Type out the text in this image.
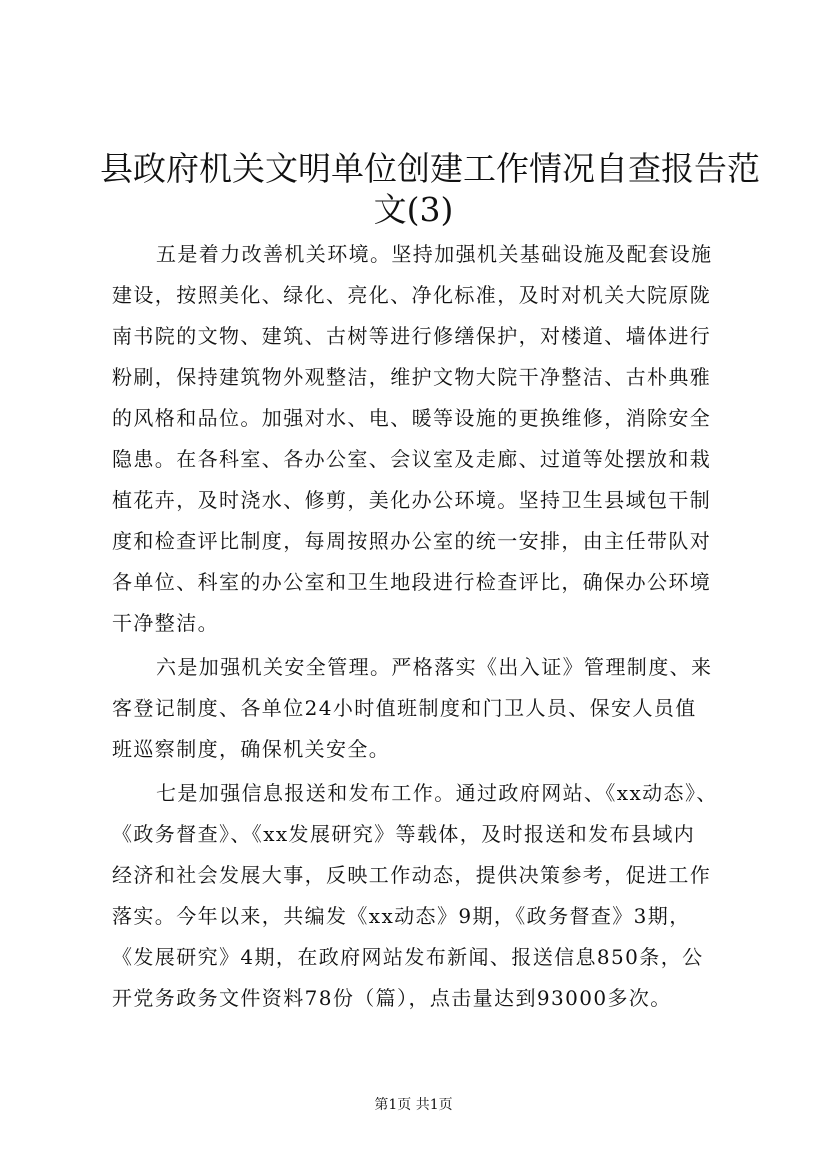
县政府机关文明单位创建工作情况自查报告范
文(3)
五是着力改善机关环境。坚持加强机关基础设施及配套设施
建设，按照美化、绿化、亮化、净化标准，及时对机关大院原陇
南书院的文物、建筑、古树等进行修缮保护，对楼道、墙体进行
粉刷，保持建筑物外观整洁，维护文物大院干净整洁、古朴典雅
的风格和品位。加强对水、电、暖等设施的更换维修，消除安全
隐患。在各科室、各办公室、会议室及走廊、过道等处摆放和栽
植花卉，及时浇水、修剪，美化办公环境。坚持卫生县域包干制
度和检查评比制度，每周按照办公室的统一安排，由主任带队对
各单位、科室的办公室和卫生地段进行检查评比，确保办公环境
干净整洁。
六是加强机关安全管理。严格落实《出入证》管理制度、来
客登记制度、各单位24小时值班制度和门卫人员、保安人员值
班巡察制度，确保机关安全。
七是加强信息报送和发布工作。通过政府网站、《xx动态》、
《政务督查》、《xx发展研究》等载体，及时报送和发布县域内
经济和社会发展大事，反映工作动态，提供决策参考，促进工作
落实。今年以来，共编发《xx动态》9期，《政务督查》3期，
《发展研究》4期，在政府网站发布新闻、报送信息850条，公
开党务政务文件资料78份（篇），点击量达到93000多次。
第1页 共1页
